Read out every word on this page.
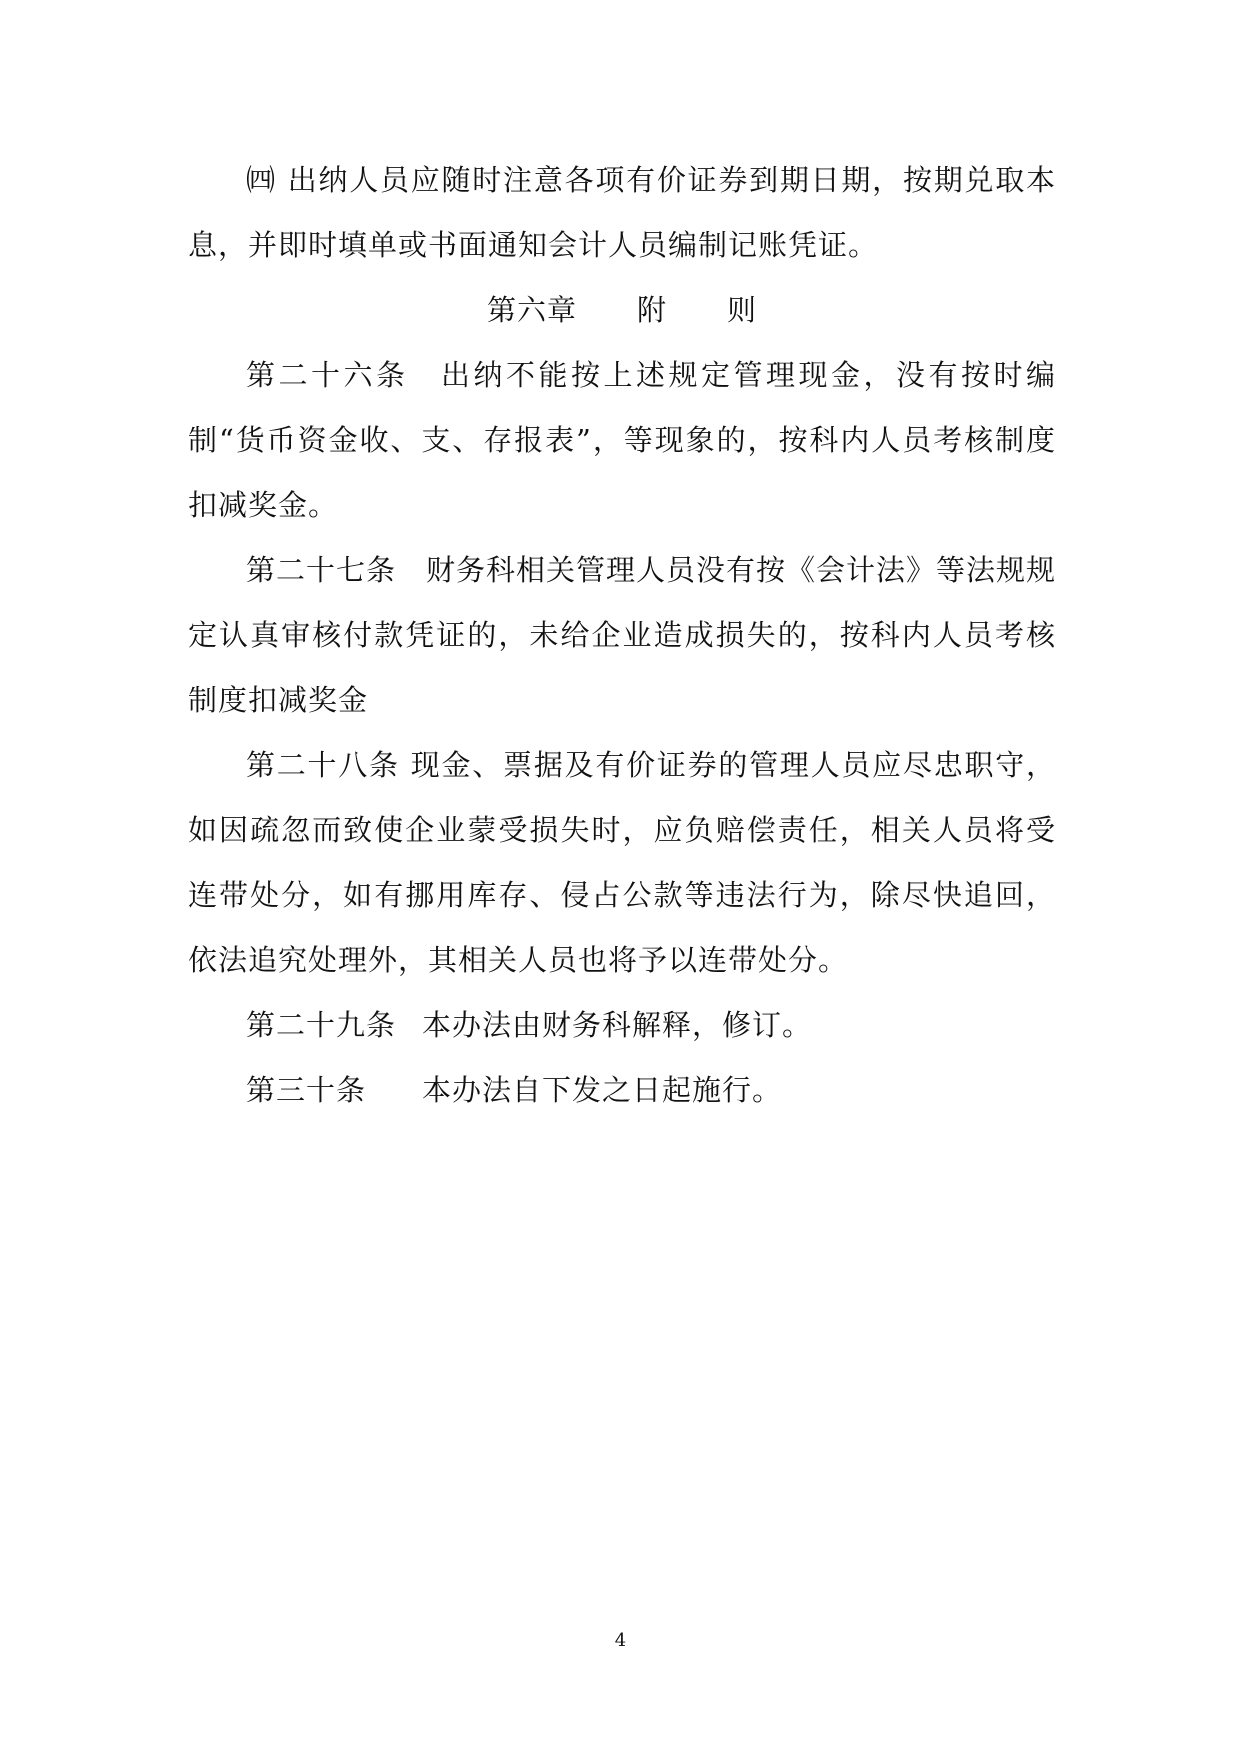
㈣ 出纳人员应随时注意各项有价证券到期日期，按期兑取本息，并即时填单或书面通知会计人员编制记账凭证。

第六章　　附　　则

第二十六条　出纳不能按上述规定管理现金，没有按时编制“货币资金收、支、存报表”，等现象的，按科内人员考核制度扣减奖金。

第二十七条　财务科相关管理人员没有按《会计法》等法规规定认真审核付款凭证的，未给企业造成损失的，按科内人员考核制度扣减奖金

第二十八条 现金、票据及有价证券的管理人员应尽忠职守，如因疏忽而致使企业蒙受损失时，应负赔偿责任，相关人员将受连带处分，如有挪用库存、侵占公款等违法行为，除尽快追回，依法追究处理外，其相关人员也将予以连带处分。

第二十九条 本办法由财务科解释，修订。

第三十条 本办法自下发之日起施行。

4
